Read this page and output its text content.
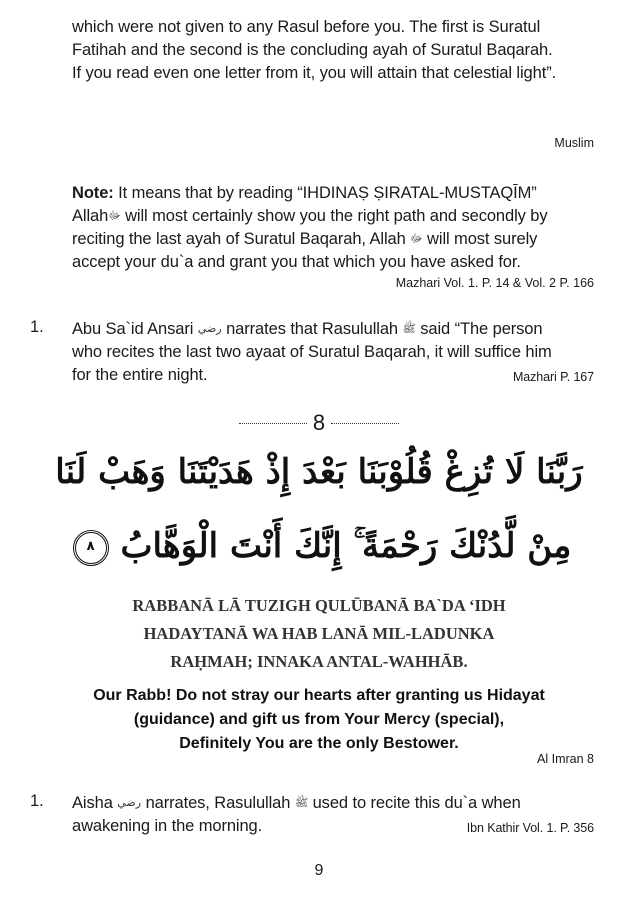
which were not given to any Rasul before you. The first is Suratul

Fatihah and the second is the concluding ayah of Suratul Baqarah.

If you read even one letter from it, you will attain that celestial light”.

Muslim

Note: It means that by reading “IHDINAṢ ṢIRATAL-MUSTAQĪM”

Allahﷻ will most certainly show you the right path and secondly by

reciting the last ayah of Suratul Baqarah, Allah ﷻ will most surely

accept your du`a and grant you that which you have asked for.

Mazhari Vol. 1. P. 14 & Vol. 2 P. 166
1. Abu Sa`id Ansari رضي narrates that Rasulullah ﷺ said “The person

who recites the last two ayaat of Suratul Baqarah, it will suffice him

for the entire night.	Mazhari P. 167

8
رَبَّنَا لَا تُزِغْ قُلُوْبَنَا بَعْدَ إِذْ هَدَيْتَنَا وَهَبْ لَنَا
مِنْ لَّدُنْكَ رَحْمَةً ۚ إِنَّكَ أَنْتَ الْوَهَّابُ ٨
RABBANĀ LĀ TUZIGH QULŪBANĀ BA`DA ‘IDH
HADAYTANĀ WA HAB LANĀ MIL-LADUNKA
RAḤMAH; INNAKA ANTAL-WAHHĀB.
Our Rabb! Do not stray our hearts after granting us Hidayat
(guidance) and gift us from Your Mercy (special),
Definitely You are the only Bestower.
Al Imran 8
1. Aisha رضي narrates, Rasulullah ﷺ used to recite this du`a when

awakening in the morning.	Ibn Kathir Vol. 1. P. 356

9
